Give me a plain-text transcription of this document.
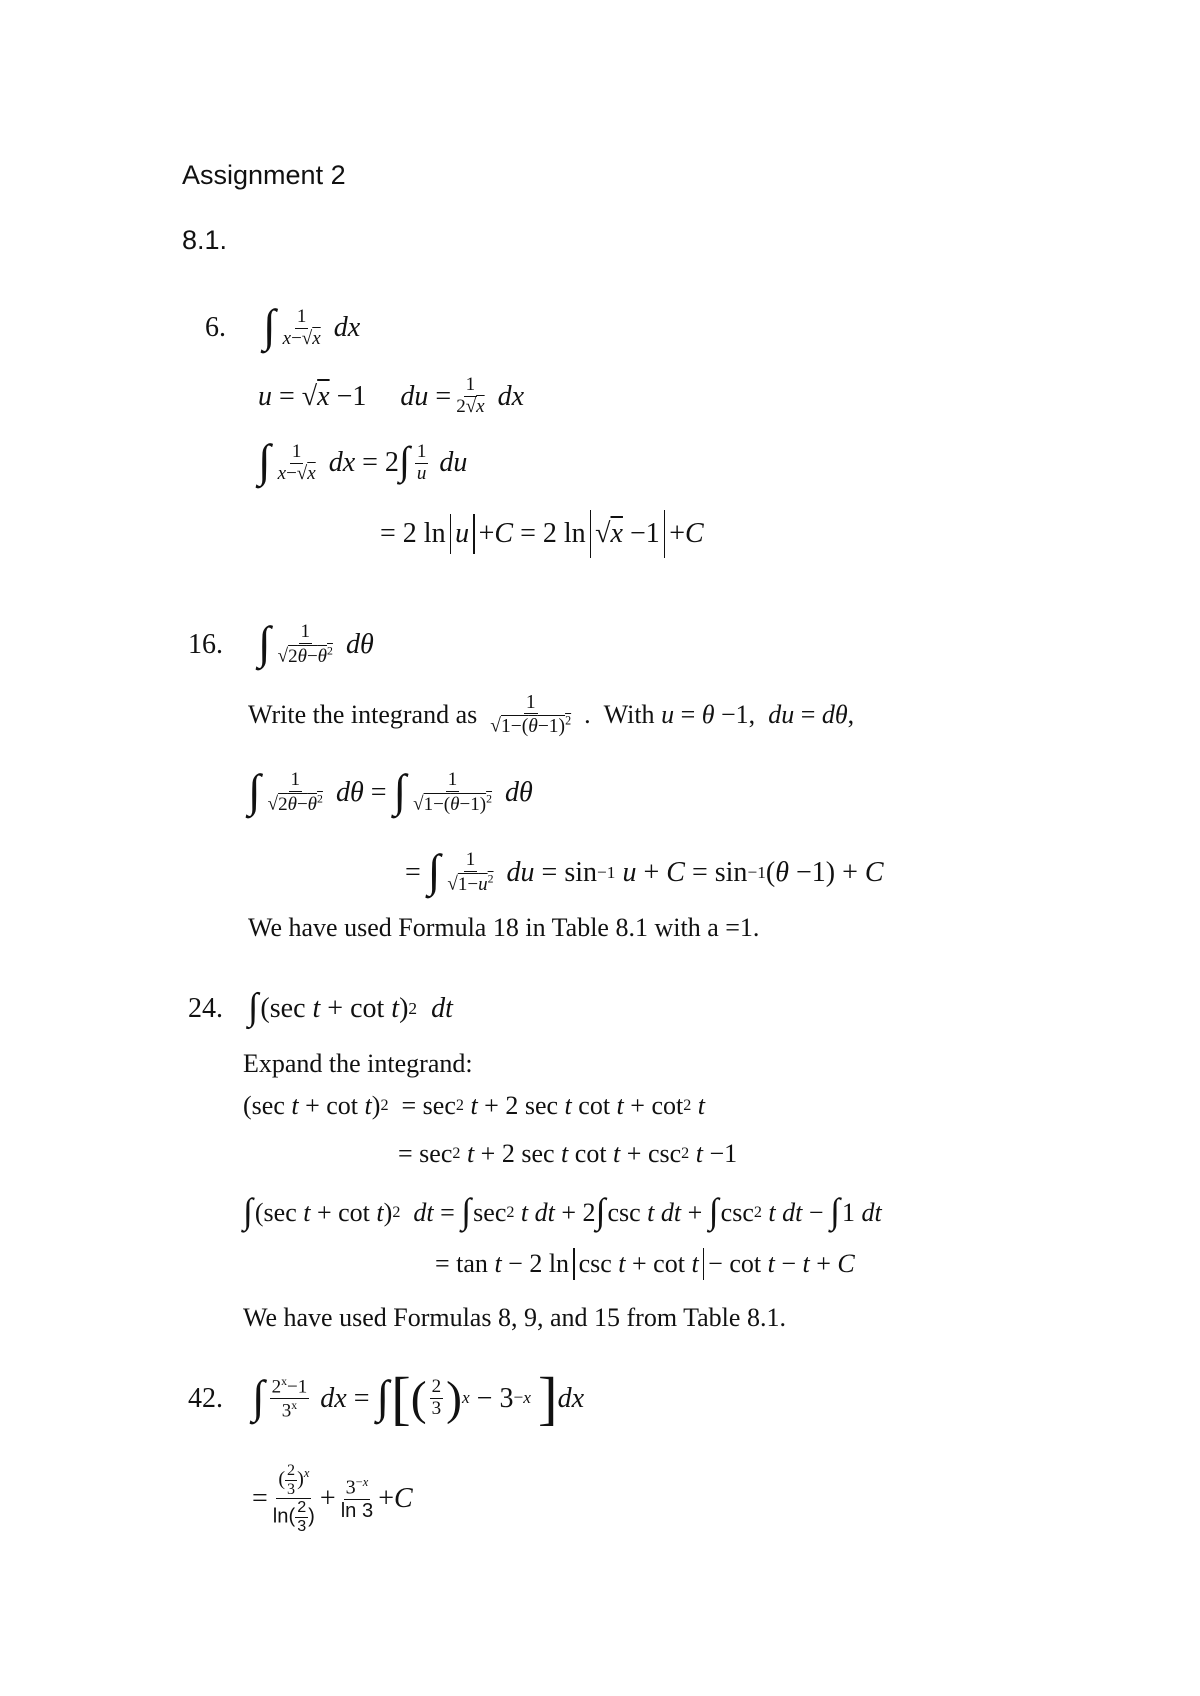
Assignment 2
8.1.
6. ∫ $\frac{1}{x-√x}$ dx
u = √ x −1 du = $\frac{1}{2√x}$ dx
∫ $\frac{1}{x-√x}$ dx = 2 ∫ $\frac{1}{u}$ du
= 2 ln u + C = 2 ln √ x −1 + C
16. ∫ $\frac{1}{√2\theta-\theta^2}$ dθ
Write the integrand as $\frac{1}{√1-(\theta-1)^2}$ .  With u = θ −1, du = dθ ,
∫ $\frac{1}{√2\theta-\theta^2}$ dθ = ∫ $\frac{1}{√1-(\theta-1)^2}$ dθ
= ∫ $\frac{1}{√1-u^2}$ du = sin −1
u + C = sin −1 ( θ −1) + C
We have used Formula 18 in Table 8.1 with a =1.
24. ∫ (sec t + cot t ) 2
dt
Expand the integrand:
(sec t + cot t ) 2 = sec 2
t + 2 sec t cot t + cot 2
t
= sec 2
t + 2 sec t cot t + csc 2
t −1
∫ (sec t + cot t ) 2
dt = ∫ sec 2
t
dt + 2 ∫ csc t
dt + ∫ csc 2
t
dt − ∫ 1 dt
= tan t − 2 ln csc t + cot t − cot t − t + C
We have used Formulas 8, 9, and 15 from Table 8.1.
42. ∫ $\frac{2^x-1}{3^x}$ dx = ∫ [ ( $\frac{2}{3}$ ) x − 3 −x
] dx
= $\frac{( \frac{2}{3} )^x}{\ln( \frac{2}{3} )} + \frac{3^{-x}}{\ln 3} + C$
